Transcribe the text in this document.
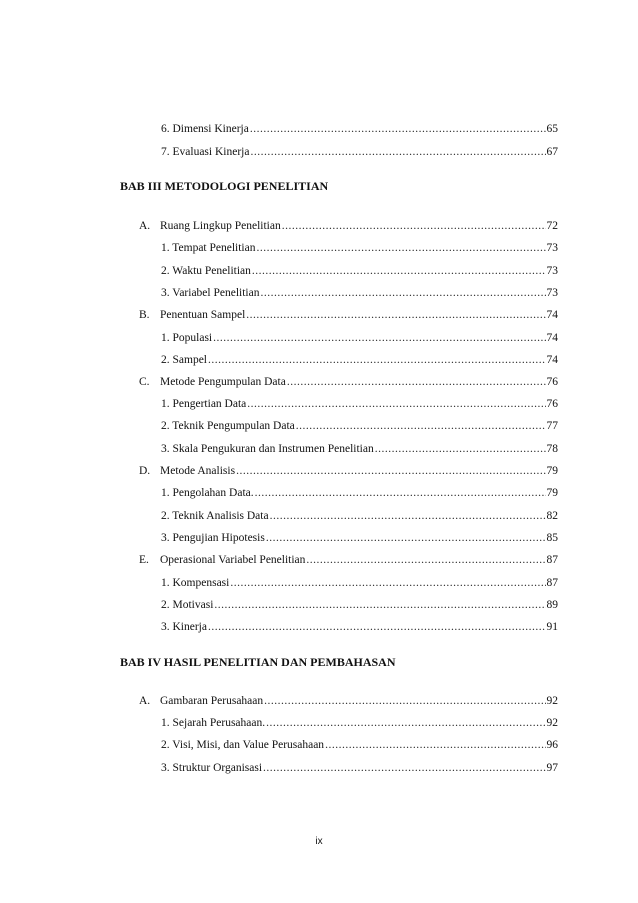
6. Dimensi Kinerja .....	65
7. Evaluasi Kinerja .....	67
BAB III METODOLOGI PENELITIAN
A. Ruang Lingkup Penelitian .....	72
1. Tempat Penelitian .....	73
2. Waktu Penelitian .....	73
3. Variabel Penelitian .....	73
B. Penentuan Sampel .....	74
1. Populasi .....	74
2. Sampel .....	74
C. Metode Pengumpulan Data .....	76
1. Pengertian Data .....	76
2. Teknik Pengumpulan Data .....	77
3. Skala Pengukuran dan Instrumen Penelitian .....	78
D. Metode Analisis .....	79
1. Pengolahan Data. .....	79
2. Teknik Analisis Data .....	82
3. Pengujian Hipotesis .....	85
E. Operasional Variabel Penelitian .....	87
1. Kompensasi .....	87
2. Motivasi .....	89
3. Kinerja .....	91
BAB IV HASIL PENELITIAN DAN PEMBAHASAN
A. Gambaran Perusahaan .....	92
1. Sejarah Perusahaan. .....	92
2. Visi, Misi, dan Value Perusahaan .....	96
3. Struktur Organisasi .....	97
ix
